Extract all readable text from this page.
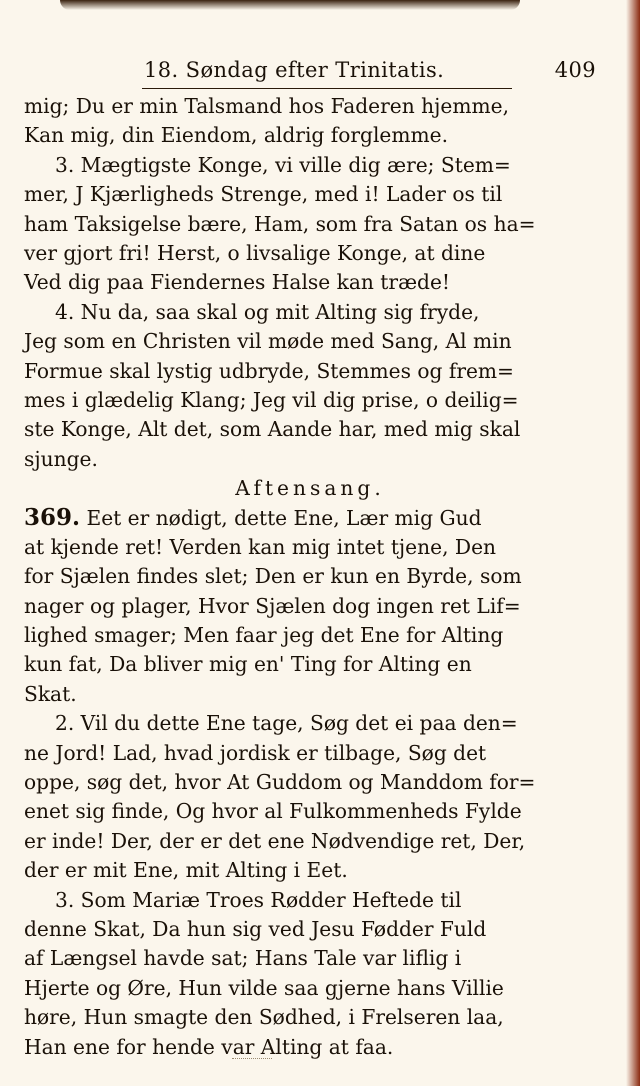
18. Søndag efter Trinitatis.	409
mig; Du er min Talsmand hos Faderen hjemme,
Kan mig, din Eiendom, aldrig forglemme.
3. Mægtigste Konge, vi ville dig ære; Stem=
mer, J Kjærligheds Strenge, med i! Lader os til
ham Taksigelse bære, Ham, som fra Satan os ha=
ver gjort fri! Herst, o livsalige Konge, at dine
Ved dig paa Fiendernes Halse kan træde!
4. Nu da, saa skal og mit Alting sig fryde,
Jeg som en Christen vil møde med Sang, Al min
Formue skal lystig udbryde, Stemmes og frem=
mes i glædelig Klang; Jeg vil dig prise, o deilig=
ste Konge, Alt det, som Aande har, med mig skal
sjunge.
Aftensang.
369. Eet er nødigt, dette Ene, Lær mig Gud
at kjende ret! Verden kan mig intet tjene, Den
for Sjælen findes slet; Den er kun en Byrde, som
nager og plager, Hvor Sjælen dog ingen ret Lif=
lighed smager; Men faar jeg det Ene for Alting
kun fat, Da bliver mig en' Ting for Alting en
Skat.
2. Vil du dette Ene tage, Søg det ei paa den=
ne Jord! Lad, hvad jordisk er tilbage, Søg det
oppe, søg det, hvor At Guddom og Manddom for=
enet sig finde, Og hvor al Fulkommenheds Fylde
er inde! Der, der er det ene Nødvendige ret, Der,
der er mit Ene, mit Alting i Eet.
3. Som Mariæ Troes Rødder Heftede til
denne Skat, Da hun sig ved Jesu Fødder Fuld
af Længsel havde sat; Hans Tale var liflig i
Hjerte og Øre, Hun vilde saa gjerne hans Villie
høre, Hun smagte den Sødhed, i Frelseren laa,
Han ene for hende var Alting at faa.
